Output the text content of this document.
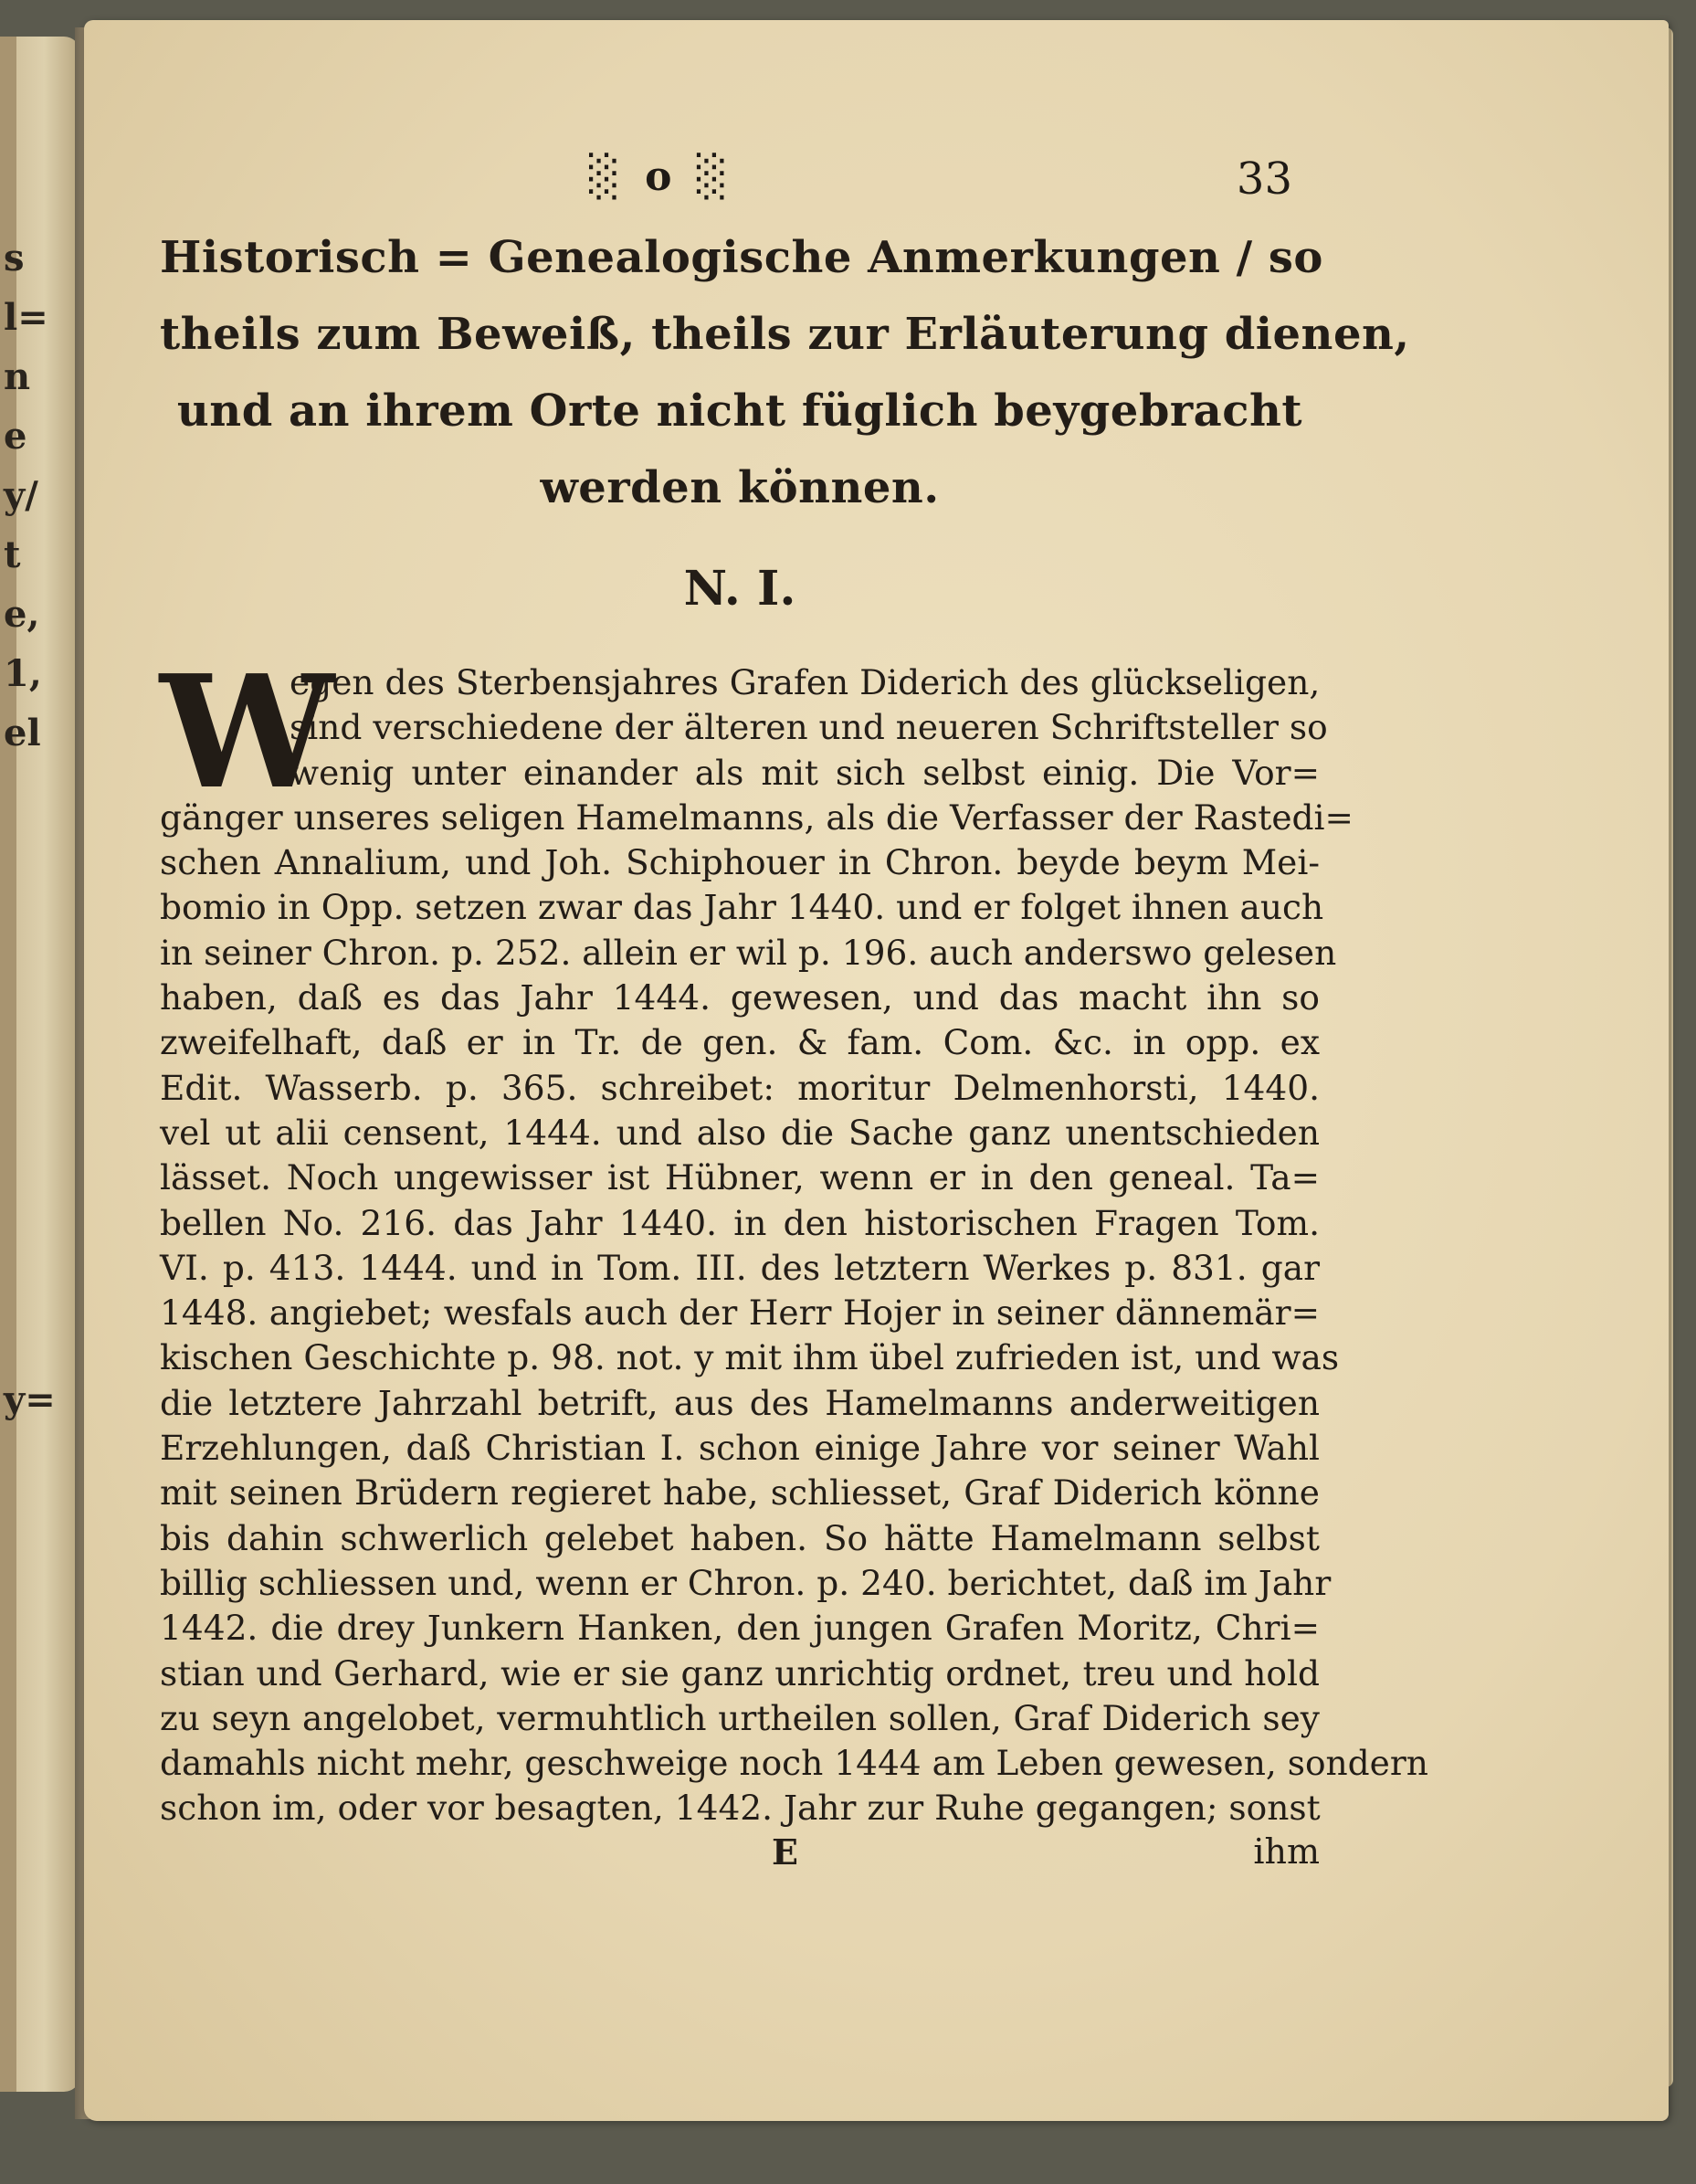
s
l=
n
e
y/
t
e,
1,
el
y=
░ o ░	33
Historisch = Genealogische Anmerkungen / so
theils zum Beweiß, theils zur Erläuterung dienen,
und an ihrem Orte nicht füglich beygebracht
werden können.
N. I.
W
egen des Sterbensjahres Grafen Diderich des glückseligen,
sind verschiedene der älteren und neueren Schriftsteller so
wenig unter einander als mit sich selbst einig. Die Vor=
gänger unseres seligen Hamelmanns, als die Verfasser der Rastedi=
schen Annalium, und Joh. Schiphouer in Chron. beyde beym Mei-
bomio in Opp. setzen zwar das Jahr 1440. und er folget ihnen auch
in seiner Chron. p. 252. allein er wil p. 196. auch anderswo gelesen
haben, daß es das Jahr 1444. gewesen, und das macht ihn so
zweifelhaft, daß er in Tr. de gen. & fam. Com. &c. in opp. ex
Edit. Wasserb. p. 365. schreibet: moritur Delmenhorsti, 1440.
vel ut alii censent, 1444. und also die Sache ganz unentschieden
lässet. Noch ungewisser ist Hübner, wenn er in den geneal. Ta=
bellen No. 216. das Jahr 1440. in den historischen Fragen Tom.
VI. p. 413. 1444. und in Tom. III. des letztern Werkes p. 831. gar
1448. angiebet; wesfals auch der Herr Hojer in seiner dännemär=
kischen Geschichte p. 98. not. y mit ihm übel zufrieden ist, und was
die letztere Jahrzahl betrift, aus des Hamelmanns anderweitigen
Erzehlungen, daß Christian I. schon einige Jahre vor seiner Wahl
mit seinen Brüdern regieret habe, schliesset, Graf Diderich könne
bis dahin schwerlich gelebet haben. So hätte Hamelmann selbst
billig schliessen und, wenn er Chron. p. 240. berichtet, daß im Jahr
1442. die drey Junkern Hanken, den jungen Grafen Moritz, Chri=
stian und Gerhard, wie er sie ganz unrichtig ordnet, treu und hold
zu seyn angelobet, vermuhtlich urtheilen sollen, Graf Diderich sey
damahls nicht mehr, geschweige noch 1444 am Leben gewesen, sondern
schon im, oder vor besagten, 1442. Jahr zur Ruhe gegangen; sonst
E	ihm
